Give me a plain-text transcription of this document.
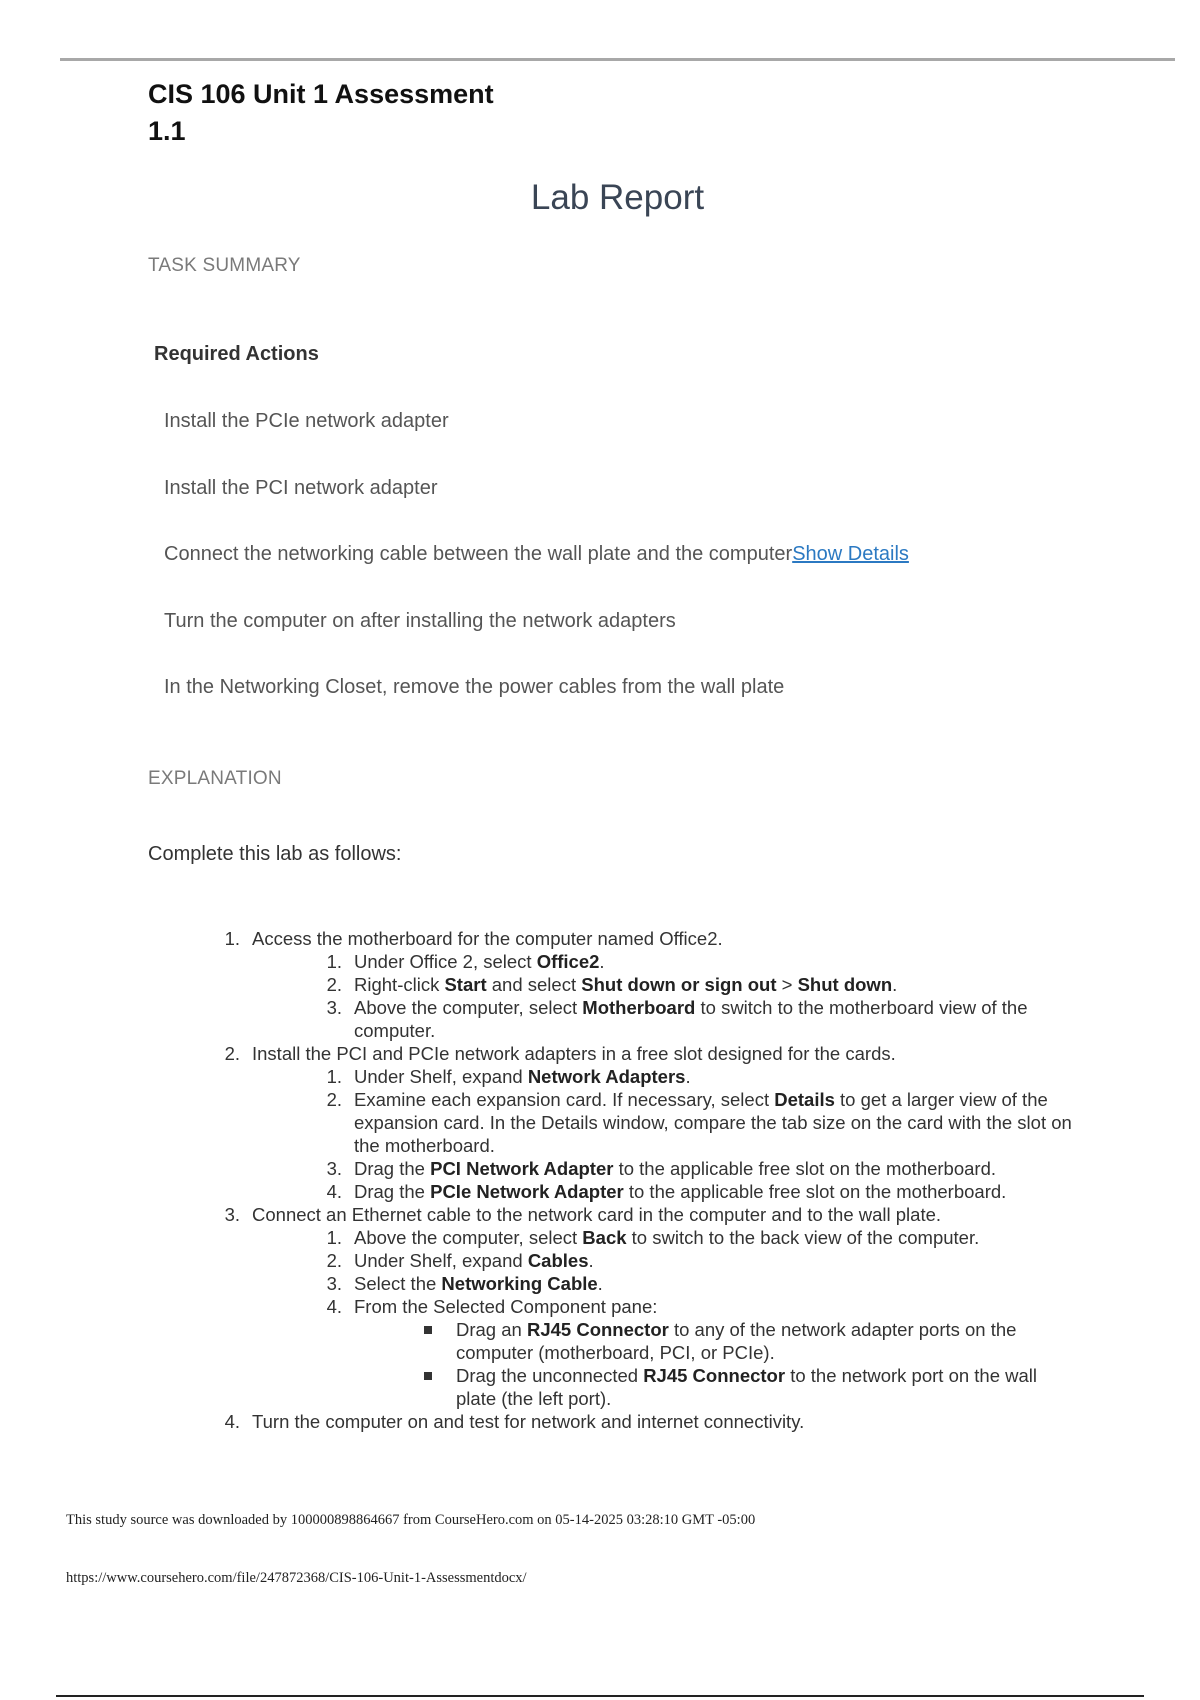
CIS 106 Unit 1 Assessment
1.1
Lab Report
TASK SUMMARY
Required Actions
Install the PCIe network adapter
Install the PCI network adapter
Connect the networking cable between the wall plate and the computerShow Details
Turn the computer on after installing the network adapters
In the Networking Closet, remove the power cables from the wall plate
EXPLANATION
Complete this lab as follows:
1. Access the motherboard for the computer named Office2.
1. Under Office 2, select Office2.
2. Right-click Start and select Shut down or sign out > Shut down.
3. Above the computer, select Motherboard to switch to the motherboard view of the computer.
2. Install the PCI and PCIe network adapters in a free slot designed for the cards.
1. Under Shelf, expand Network Adapters.
2. Examine each expansion card. If necessary, select Details to get a larger view of the expansion card. In the Details window, compare the tab size on the card with the slot on the motherboard.
3. Drag the PCI Network Adapter to the applicable free slot on the motherboard.
4. Drag the PCIe Network Adapter to the applicable free slot on the motherboard.
3. Connect an Ethernet cable to the network card in the computer and to the wall plate.
1. Above the computer, select Back to switch to the back view of the computer.
2. Under Shelf, expand Cables.
3. Select the Networking Cable.
4. From the Selected Component pane:
Drag an RJ45 Connector to any of the network adapter ports on the computer (motherboard, PCI, or PCIe).
Drag the unconnected RJ45 Connector to the network port on the wall plate (the left port).
4. Turn the computer on and test for network and internet connectivity.
This study source was downloaded by 100000898864667 from CourseHero.com on 05-14-2025 03:28:10 GMT -05:00
https://www.coursehero.com/file/247872368/CIS-106-Unit-1-Assessmentdocx/
